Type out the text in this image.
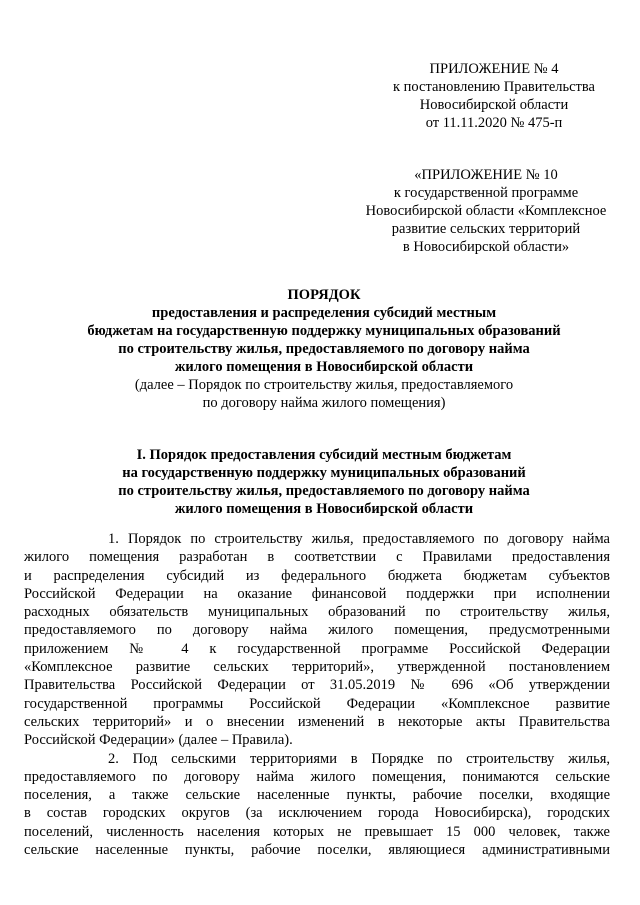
ПРИЛОЖЕНИЕ № 4
к постановлению Правительства
Новосибирской области
от 11.11.2020 № 475-п
«ПРИЛОЖЕНИЕ № 10
к государственной программе
Новосибирской области «Комплексное
развитие сельских территорий
в Новосибирской области»
ПОРЯДОК
предоставления и распределения субсидий местным
бюджетам на государственную поддержку муниципальных образований
по строительству жилья, предоставляемого по договору найма
жилого помещения в Новосибирской области
(далее – Порядок по строительству жилья, предоставляемого
по договору найма жилого помещения)
I. Порядок предоставления субсидий местным бюджетам
на государственную поддержку муниципальных образований
по строительству жилья, предоставляемого по договору найма
жилого помещения в Новосибирской области
1. Порядок по строительству жилья, предоставляемого по договору найма
жилого помещения разработан в соответствии с Правилами предоставления
и распределения субсидий из федерального бюджета бюджетам субъектов
Российской Федерации на оказание финансовой поддержки при исполнении
расходных обязательств муниципальных образований по строительству жилья,
предоставляемого по договору найма жилого помещения, предусмотренными
приложением № 4 к государственной программе Российской Федерации
«Комплексное развитие сельских территорий», утвержденной постановлением
Правительства Российской Федерации от 31.05.2019 № 696 «Об утверждении
государственной программы Российской Федерации «Комплексное развитие
сельских территорий» и о внесении изменений в некоторые акты Правительства
Российской Федерации» (далее – Правила).
2. Под сельскими территориями в Порядке по строительству жилья,
предоставляемого по договору найма жилого помещения, понимаются сельские
поселения, а также сельские населенные пункты, рабочие поселки, входящие
в состав городских округов (за исключением города Новосибирска), городских
поселений, численность населения которых не превышает 15 000 человек, также
сельские населенные пункты, рабочие поселки, являющиеся административными
